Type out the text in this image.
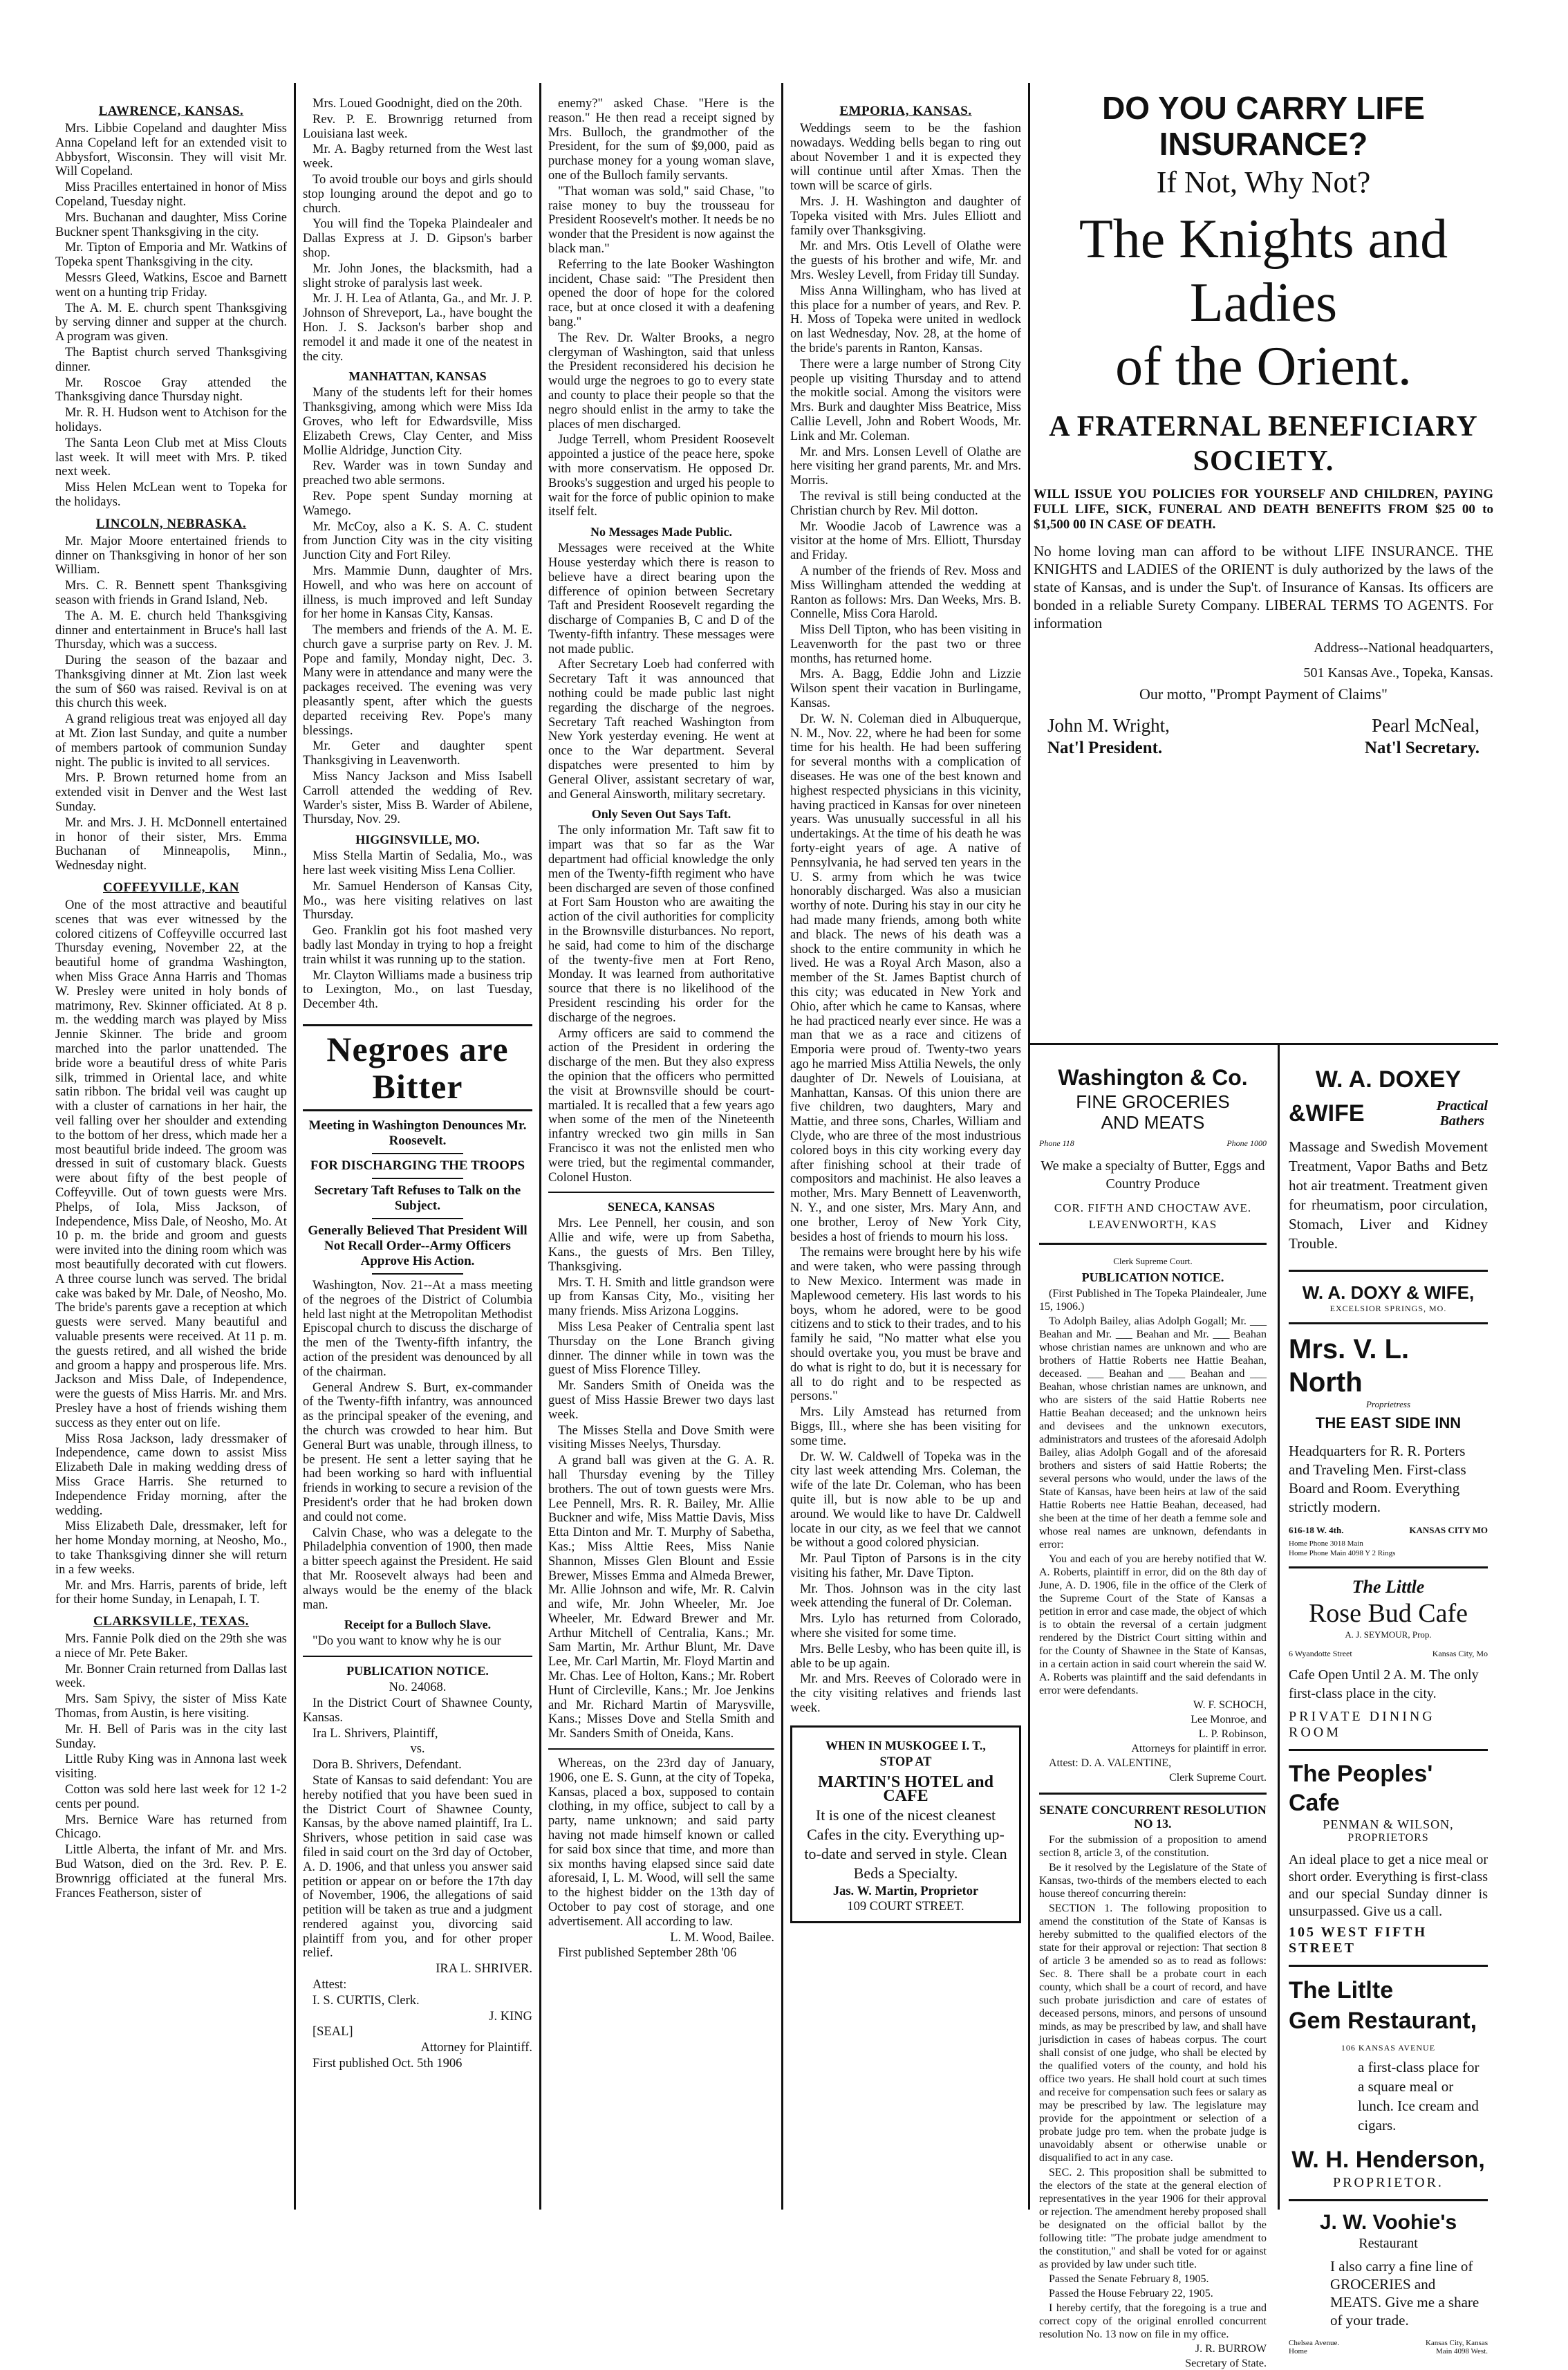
LAWRENCE, KANSAS.

Mrs. Libbie Copeland and daughter Miss Anna Copeland left for an extended visit to Abbysfort, Wisconsin. They will visit Mr. Will Copeland.

Miss Pracilles entertained in honor of Miss Copeland, Tuesday night.

Mrs. Buchanan and daughter, Miss Corine Buckner spent Thanksgiving in the city.

Mr. Tipton of Emporia and Mr. Watkins of Topeka spent Thanksgiving in the city.

Messrs Gleed, Watkins, Escoe and Barnett went on a hunting trip Friday.

The A. M. E. church spent Thanksgiving by serving dinner and supper at the church. A program was given.

The Baptist church served Thanksgiving dinner.

Mr. Roscoe Gray attended the Thanksgiving dance Thursday night.

Mr. R. H. Hudson went to Atchison for the holidays.

The Santa Leon Club met at Miss Clouts last week. It will meet with Mrs. P. tiked next week.

Miss Helen McLean went to Topeka for the holidays.

LINCOLN, NEBRASKA.

Mr. Major Moore entertained friends to dinner on Thanksgiving in honor of her son William.

Mrs. C. R. Bennett spent Thanksgiving season with friends in Grand Island, Neb.

The A. M. E. church held Thanksgiving dinner and entertainment in Bruce's hall last Thursday, which was a success.

During the season of the bazaar and Thanksgiving dinner at Mt. Zion last week the sum of $60 was raised. Revival is on at this church this week.

A grand religious treat was enjoyed all day at Mt. Zion last Sunday, and quite a number of members partook of communion Sunday night. The public is invited to all services.

Mrs. P. Brown returned home from an extended visit in Denver and the West last Sunday.

Mr. and Mrs. J. H. McDonnell entertained in honor of their sister, Mrs. Emma Buchanan of Minneapolis, Minn., Wednesday night.

COFFEYVILLE, KAN

One of the most attractive and beautiful scenes that was ever witnessed by the colored citizens of Coffeyville occurred last Thursday evening, November 22, at the beautiful home of grandma Washington, when Miss Grace Anna Harris and Thomas W. Presley were united in holy bonds of matrimony, Rev. Skinner officiated. At 8 p. m. the wedding march was played by Miss Jennie Skinner. The bride and groom marched into the parlor unattended. The bride wore a beautiful dress of white Paris silk, trimmed in Oriental lace, and white satin ribbon. The bridal veil was caught up with a cluster of carnations in her hair, the veil falling over her shoulder and extending to the bottom of her dress, which made her a most beautiful bride indeed. The groom was dressed in suit of customary black. Guests were about fifty of the best people of Coffeyville. Out of town guests were Mrs. Phelps, of Iola, Miss Jackson, of Independence, Miss Dale, of Neosho, Mo. At 10 p. m. the bride and groom and guests were invited into the dining room which was most beautifully decorated with cut flowers. A three course lunch was served. The bridal cake was baked by Mr. Dale, of Neosho, Mo. The bride's parents gave a reception at which guests were served. Many beautiful and valuable presents were received. At 11 p. m. the guests retired, and all wished the bride and groom a happy and prosperous life. Mrs. Jackson and Miss Dale, of Independence, were the guests of Miss Harris. Mr. and Mrs. Presley have a host of friends wishing them success as they enter out on life.

Miss Rosa Jackson, lady dressmaker of Independence, came down to assist Miss Elizabeth Dale in making wedding dress of Miss Grace Harris. She returned to Independence Friday morning, after the wedding.

Miss Elizabeth Dale, dressmaker, left for her home Monday morning, at Neosho, Mo., to take Thanksgiving dinner she will return in a few weeks.

Mr. and Mrs. Harris, parents of bride, left for their home Sunday, in Lenapah, I. T.

CLARKSVILLE, TEXAS.

Mrs. Fannie Polk died on the 29th she was a niece of Mr. Pete Baker.

Mr. Bonner Crain returned from Dallas last week.

Mrs. Sam Spivy, the sister of Miss Kate Thomas, from Austin, is here visiting.

Mr. H. Bell of Paris was in the city last Sunday.

Little Ruby King was in Annona last week visiting.

Cotton was sold here last week for 12 1-2 cents per pound.

Mrs. Bernice Ware has returned from Chicago.

Little Alberta, the infant of Mr. and Mrs. Bud Watson, died on the 3rd. Rev. P. E. Brownrigg officiated at the funeral Mrs. Frances Featherson, sister of

Mrs. Loued Goodnight, died on the 20th.

Rev. P. E. Brownrigg returned from Louisiana last week.

Mr. A. Bagby returned from the West last week.

To avoid trouble our boys and girls should stop lounging around the depot and go to church.

You will find the Topeka Plaindealer and Dallas Express at J. D. Gipson's barber shop.

Mr. John Jones, the blacksmith, had a slight stroke of paralysis last week.

Mr. J. H. Lea of Atlanta, Ga., and Mr. J. P. Johnson of Shreveport, La., have bought the Hon. J. S. Jackson's barber shop and remodel it and made it one of the neatest in the city.

MANHATTAN, KANSAS

Many of the students left for their homes Thanksgiving, among which were Miss Ida Groves, who left for Edwardsville, Miss Elizabeth Crews, Clay Center, and Miss Mollie Aldridge, Junction City.

Rev. Warder was in town Sunday and preached two able sermons.

Rev. Pope spent Sunday morning at Wamego.

Mr. McCoy, also a K. S. A. C. student from Junction City was in the city visiting Junction City and Fort Riley.

Mrs. Mammie Dunn, daughter of Mrs. Howell, and who was here on account of illness, is much improved and left Sunday for her home in Kansas City, Kansas.

The members and friends of the A. M. E. church gave a surprise party on Rev. J. M. Pope and family, Monday night, Dec. 3. Many were in attendance and many were the packages received. The evening was very pleasantly spent, after which the guests departed receiving Rev. Pope's many blessings.

Mr. Geter and daughter spent Thanksgiving in Leavenworth.

Miss Nancy Jackson and Miss Isabell Carroll attended the wedding of Rev. Warder's sister, Miss B. Warder of Abilene, Thursday, Nov. 29.

HIGGINSVILLE, MO.

Miss Stella Martin of Sedalia, Mo., was here last week visiting Miss Lena Collier.

Mr. Samuel Henderson of Kansas City, Mo., was here visiting relatives on last Thursday.

Geo. Franklin got his foot mashed very badly last Monday in trying to hop a freight train whilst it was running up to the station.

Mr. Clayton Williams made a business trip to Lexington, Mo., on last Tuesday, December 4th.

Negroes are Bitter
Meeting in Washington Denounces Mr. Roosevelt.
FOR DISCHARGING THE TROOPS
Secretary Taft Refuses to Talk on the Subject.
Generally Believed That President Will Not Recall Order--Army Officers Approve His Action.

Washington, Nov. 21--At a mass meeting of the negroes of the District of Columbia held last night at the Metropolitan Methodist Episcopal church to discuss the discharge of the men of the Twenty-fifth infantry, the action of the president was denounced by all of the chairman.

General Andrew S. Burt, ex-commander of the Twenty-fifth infantry, was announced as the principal speaker of the evening, and the church was crowded to hear him. But General Burt was unable, through illness, to be present. He sent a letter saying that he had been working so hard with influential friends in working to secure a revision of the President's order that he had broken down and could not come.

Calvin Chase, who was a delegate to the Philadelphia convention of 1900, then made a bitter speech against the President. He said that Mr. Roosevelt always had been and always would be the enemy of the black man.

Receipt for a Bulloch Slave.

"Do you want to know why he is our

PUBLICATION NOTICE.

No. 24068.

In the District Court of Shawnee County, Kansas.

Ira L. Shrivers, Plaintiff,

vs.

Dora B. Shrivers, Defendant.

State of Kansas to said defendant: You are hereby notified that you have been sued in the District Court of Shawnee County, Kansas, by the above named plaintiff, Ira L. Shrivers, whose petition in said case was filed in said court on the 3rd day of October, A. D. 1906, and that unless you answer said petition or appear on or before the 17th day of November, 1906, the allegations of said petition will be taken as true and a judgment rendered against you, divorcing said plaintiff from you, and for other proper relief.

IRA L. SHRIVER.

Attest:

I. S. CURTIS, Clerk.

J. KING

[SEAL]

Attorney for Plaintiff.

First published Oct. 5th 1906

enemy?" asked Chase. "Here is the reason." He then read a receipt signed by Mrs. Bulloch, the grandmother of the President, for the sum of $9,000, paid as purchase money for a young woman slave, one of the Bulloch family servants.

"That woman was sold," said Chase, "to raise money to buy the trousseau for President Roosevelt's mother. It needs be no wonder that the President is now against the black man."

Referring to the late Booker Washington incident, Chase said: "The President then opened the door of hope for the colored race, but at once closed it with a deafening bang."

The Rev. Dr. Walter Brooks, a negro clergyman of Washington, said that unless the President reconsidered his decision he would urge the negroes to go to every state and county to place their people so that the negro should enlist in the army to take the places of men discharged.

Judge Terrell, whom President Roosevelt appointed a justice of the peace here, spoke with more conservatism. He opposed Dr. Brooks's suggestion and urged his people to wait for the force of public opinion to make itself felt.

No Messages Made Public.

Messages were received at the White House yesterday which there is reason to believe have a direct bearing upon the difference of opinion between Secretary Taft and President Roosevelt regarding the discharge of Companies B, C and D of the Twenty-fifth infantry. These messages were not made public.

After Secretary Loeb had conferred with Secretary Taft it was announced that nothing could be made public last night regarding the discharge of the negroes. Secretary Taft reached Washington from New York yesterday evening. He went at once to the War department. Several dispatches were presented to him by General Oliver, assistant secretary of war, and General Ainsworth, military secretary.

Only Seven Out Says Taft.

The only information Mr. Taft saw fit to impart was that so far as the War department had official knowledge the only men of the Twenty-fifth regiment who have been discharged are seven of those confined at Fort Sam Houston who are awaiting the action of the civil authorities for complicity in the Brownsville disturbances. No report, he said, had come to him of the discharge of the twenty-five men at Fort Reno, Monday. It was learned from authoritative source that there is no likelihood of the President rescinding his order for the discharge of the negroes.

Army officers are said to commend the action of the President in ordering the discharge of the men. But they also express the opinion that the officers who permitted the visit at Brownsville should be court-martialed. It is recalled that a few years ago when some of the men of the Nineteenth infantry wrecked two gin mills in San Francisco it was not the enlisted men who were tried, but the regimental commander, Colonel Huston.

SENECA, KANSAS

Mrs. Lee Pennell, her cousin, and son Allie and wife, were up from Sabetha, Kans., the guests of Mrs. Ben Tilley, Thanksgiving.

Mrs. T. H. Smith and little grandson were up from Kansas City, Mo., visiting her many friends. Miss Arizona Loggins.

Miss Lesa Peaker of Centralia spent last Thursday on the Lone Branch giving dinner. The dinner while in town was the guest of Miss Florence Tilley.

Mr. Sanders Smith of Oneida was the guest of Miss Hassie Brewer two days last week.

The Misses Stella and Dove Smith were visiting Misses Neelys, Thursday.

A grand ball was given at the G. A. R. hall Thursday evening by the Tilley brothers. The out of town guests were Mrs. Lee Pennell, Mrs. R. R. Bailey, Mr. Allie Buckner and wife, Miss Mattie Davis, Miss Etta Dinton and Mr. T. Murphy of Sabetha, Kas.; Miss Alttie Rees, Miss Nanie Shannon, Misses Glen Blount and Essie Brewer, Misses Emma and Almeda Brewer, Mr. Allie Johnson and wife, Mr. R. Calvin and wife, Mr. John Wheeler, Mr. Joe Wheeler, Mr. Edward Brewer and Mr. Arthur Mitchell of Centralia, Kans.; Mr. Sam Martin, Mr. Arthur Blunt, Mr. Dave Lee, Mr. Carl Martin, Mr. Floyd Martin and Mr. Chas. Lee of Holton, Kans.; Mr. Robert Hunt of Circleville, Kans.; Mr. Joe Jenkins and Mr. Richard Martin of Marysville, Kans.; Misses Dove and Stella Smith and Mr. Sanders Smith of Oneida, Kans.

Whereas, on the 23rd day of January, 1906, one E. S. Gunn, at the city of Topeka, Kansas, placed a box, supposed to contain clothing, in my office, subject to call by a party, name unknown; and said party having not made himself known or called for said box since that time, and more than six months having elapsed since said date aforesaid, I, L. M. Wood, will sell the same to the highest bidder on the 13th day of October to pay cost of storage, and one advertisement. All according to law.

L. M. Wood, Bailee.

First published September 28th '06

EMPORIA, KANSAS.

Weddings seem to be the fashion nowadays. Wedding bells began to ring out about November 1 and it is expected they will continue until after Xmas. Then the town will be scarce of girls.

Mrs. J. H. Washington and daughter of Topeka visited with Mrs. Jules Elliott and family over Thanksgiving.

Mr. and Mrs. Otis Levell of Olathe were the guests of his brother and wife, Mr. and Mrs. Wesley Levell, from Friday till Sunday.

Miss Anna Willingham, who has lived at this place for a number of years, and Rev. P. H. Moss of Topeka were united in wedlock on last Wednesday, Nov. 28, at the home of the bride's parents in Ranton, Kansas.

There were a large number of Strong City people up visiting Thursday and to attend the mokitle social. Among the visitors were Mrs. Burk and daughter Miss Beatrice, Miss Callie Levell, John and Robert Woods, Mr. Link and Mr. Coleman.

Mr. and Mrs. Lonsen Levell of Olathe are here visiting her grand parents, Mr. and Mrs. Morris.

The revival is still being conducted at the Christian church by Rev. Mil dotton.

Mr. Woodie Jacob of Lawrence was a visitor at the home of Mrs. Elliott, Thursday and Friday.

A number of the friends of Rev. Moss and Miss Willingham attended the wedding at Ranton as follows: Mrs. Dan Weeks, Mrs. B. Connelle, Miss Cora Harold.

Miss Dell Tipton, who has been visiting in Leavenworth for the past two or three months, has returned home.

Mrs. A. Bagg, Eddie John and Lizzie Wilson spent their vacation in Burlingame, Kansas.

Dr. W. N. Coleman died in Albuquerque, N. M., Nov. 22, where he had been for some time for his health. He had been suffering for several months with a complication of diseases. He was one of the best known and highest respected physicians in this vicinity, having practiced in Kansas for over nineteen years. Was unusually successful in all his undertakings. At the time of his death he was forty-eight years of age. A native of Pennsylvania, he had served ten years in the U. S. army from which he was twice honorably discharged. Was also a musician worthy of note. During his stay in our city he had made many friends, among both white and black. The news of his death was a shock to the entire community in which he lived. He was a Royal Arch Mason, also a member of the St. James Baptist church of this city; was educated in New York and Ohio, after which he came to Kansas, where he had practiced nearly ever since. He was a man that we as a race and citizens of Emporia were proud of. Twenty-two years ago he married Miss Attilia Newels, the only daughter of Dr. Newels of Louisiana, at Manhattan, Kansas. Of this union there are five children, two daughters, Mary and Mattie, and three sons, Charles, William and Clyde, who are three of the most industrious colored boys in this city working every day after finishing school at their trade of compositors and machinist. He also leaves a mother, Mrs. Mary Bennett of Leavenworth, N. Y., and one sister, Mrs. Mary Ann, and one brother, Leroy of New York City, besides a host of friends to mourn his loss.

The remains were brought here by his wife and were taken, who were passing through to New Mexico. Interment was made in Maplewood cemetery. His last words to his boys, whom he adored, were to be good citizens and to stick to their trades, and to his family he said, "No matter what else you should overtake you, you must be brave and do what is right to do, but it is necessary for all to do right and to be respected as persons."

Mrs. Lily Amstead has returned from Biggs, Ill., where she has been visiting for some time.

Dr. W. W. Caldwell of Topeka was in the city last week attending Mrs. Coleman, the wife of the late Dr. Coleman, who has been quite ill, but is now able to be up and around. We would like to have Dr. Caldwell locate in our city, as we feel that we cannot be without a good colored physician.

Mr. Paul Tipton of Parsons is in the city visiting his father, Mr. Dave Tipton.

Mr. Thos. Johnson was in the city last week attending the funeral of Dr. Coleman.

Mrs. Lylo has returned from Colorado, where she visited for some time.

Mrs. Belle Lesby, who has been quite ill, is able to be up again.

Mr. and Mrs. Reeves of Colorado were in the city visiting relatives and friends last week.

WHEN IN MUSKOGEE I. T.,

STOP AT

MARTIN'S HOTEL and CAFE

It is one of the nicest cleanest Cafes in the city. Everything up-to-date and served in style. Clean Beds a Specialty.

Jas. W. Martin, Proprietor

109 COURT STREET.

DO YOU CARRY LIFE INSURANCE?
If Not, Why Not?
The Knights and Ladies
of the Orient.
A FRATERNAL BENEFICIARY
SOCIETY.
WILL ISSUE YOU POLICIES FOR YOURSELF AND CHILDREN, PAYING FULL LIFE, SICK, FUNERAL AND DEATH BENEFITS FROM $25 00 to $1,500 00 IN CASE OF DEATH.
No home loving man can afford to be without LIFE INSURANCE. THE KNIGHTS and LADIES of the ORIENT is duly authorized by the laws of the state of Kansas, and is under the Sup't. of Insurance of Kansas. Its officers are bonded in a reliable Surety Company. LIBERAL TERMS TO AGENTS. For information
Address--National headquarters,
501 Kansas Ave., Topeka, Kansas.
Our motto, "Prompt Payment of Claims"
John M. Wright,	Pearl McNeal,
Nat'l President.	Nat'l Secretary.
Washington & Co.
FINE GROCERIES
AND MEATS
Phone 118	Phone 1000
We make a specialty of Butter, Eggs and Country Produce
COR. FIFTH AND CHOCTAW AVE.
LEAVENWORTH, KAS

Clerk Supreme Court.

PUBLICATION NOTICE.

(First Published in The Topeka Plaindealer, June 15, 1906.)

To Adolph Bailey, alias Adolph Gogall; Mr. ___ Beahan and Mr. ___ Beahan and Mr. ___ Beahan whose christian names are unknown and who are brothers of Hattie Roberts nee Hattie Beahan, deceased. ___ Beahan and ___ Beahan and ___ Beahan, whose christian names are unknown, and who are sisters of the said Hattie Roberts nee Hattie Beahan deceased; and the unknown heirs and devisees and the unknown executors, administrators and trustees of the aforesaid Adolph Bailey, alias Adolph Gogall and of the aforesaid brothers and sisters of said Hattie Roberts; the several persons who would, under the laws of the State of Kansas, have been heirs at law of the said Hattie Roberts nee Hattie Beahan, deceased, had she been at the time of her death a femme sole and whose real names are unknown, defendants in error:

You and each of you are hereby notified that W. A. Roberts, plaintiff in error, did on the 8th day of June, A. D. 1906, file in the office of the Clerk of the Supreme Court of the State of Kansas a petition in error and case made, the object of which is to obtain the reversal of a certain judgment rendered by the District Court sitting within and for the County of Shawnee in the State of Kansas, in a certain action in said court wherein the said W. A. Roberts was plaintiff and the said defendants in error were defendants.

W. F. SCHOCH,

Lee Monroe, and

L. P. Robinson,

Attorneys for plaintiff in error.

Attest: D. A. VALENTINE,

Clerk Supreme Court.

SENATE CONCURRENT RESOLUTION NO 13.

For the submission of a proposition to amend section 8, article 3, of the constitution.

Be it resolved by the Legislature of the State of Kansas, two-thirds of the members elected to each house thereof concurring therein:

SECTION 1. The following proposition to amend the constitution of the State of Kansas is hereby submitted to the qualified electors of the state for their approval or rejection: That section 8 of article 3 be amended so as to read as follows: Sec. 8. There shall be a probate court in each county, which shall be a court of record, and have such probate jurisdiction and care of estates of deceased persons, minors, and persons of unsound minds, as may be prescribed by law, and shall have jurisdiction in cases of habeas corpus. The court shall consist of one judge, who shall be elected by the qualified voters of the county, and hold his office two years. He shall hold court at such times and receive for compensation such fees or salary as may be prescribed by law. The legislature may provide for the appointment or selection of a probate judge pro tem. when the probate judge is unavoidably absent or otherwise unable or disqualified to act in any case.

SEC. 2. This proposition shall be submitted to the electors of the state at the general election of representatives in the year 1906 for their approval or rejection. The amendment hereby proposed shall be designated on the official ballot by the following title: "The probate judge amendment to the constitution," and shall be voted for or against as provided by law under such title.

Passed the Senate February 8, 1905.

Passed the House February 22, 1905.

I hereby certify, that the foregoing is a true and correct copy of the original enrolled concurrent resolution No. 13 now on file in my office.

J. R. BURROW

Secretary of State.

W. A. DOXEY
&WIFE	Practical
Bathers
Massage and Swedish Movement Treatment, Vapor Baths and Betz hot air treatment. Treatment given for rheumatism, poor circulation, Stomach, Liver and Kidney Trouble.
W. A. DOXY & WIFE,
EXCELSIOR SPRINGS, MO.
Mrs. V. L. North
Proprietress
THE EAST SIDE INN
Headquarters for R. R. Porters and Traveling Men. First-class Board and Room. Everything strictly modern.
616-18 W. 4th.	KANSAS CITY MO
Home Phone 3018 Main
Home Phone Main 4098 Y 2 Rings
The Little
Rose Bud Cafe
A. J. SEYMOUR, Prop.
6 Wyandotte Street	Kansas City, Mo
Cafe Open Until 2 A. M. The only first-class place in the city.
PRIVATE DINING ROOM
The Peoples' Cafe
PENMAN & WILSON,
PROPRIETORS
An ideal place to get a nice meal or short order. Everything is first-class and our special Sunday dinner is unsurpassed. Give us a call.
105 WEST FIFTH STREET
The Litlte
Gem Restaurant,
106 KANSAS AVENUE
a first-class place for a square meal or lunch. Ice cream and cigars.
W. H. Henderson,
PROPRIETOR.
J. W. Voohie's
Restaurant
I also carry a fine line of GROCERIES and MEATS. Give me a share of your trade.
Chelsea Avenue.	Kansas City, Kansas
Home	Main 4098 West.
